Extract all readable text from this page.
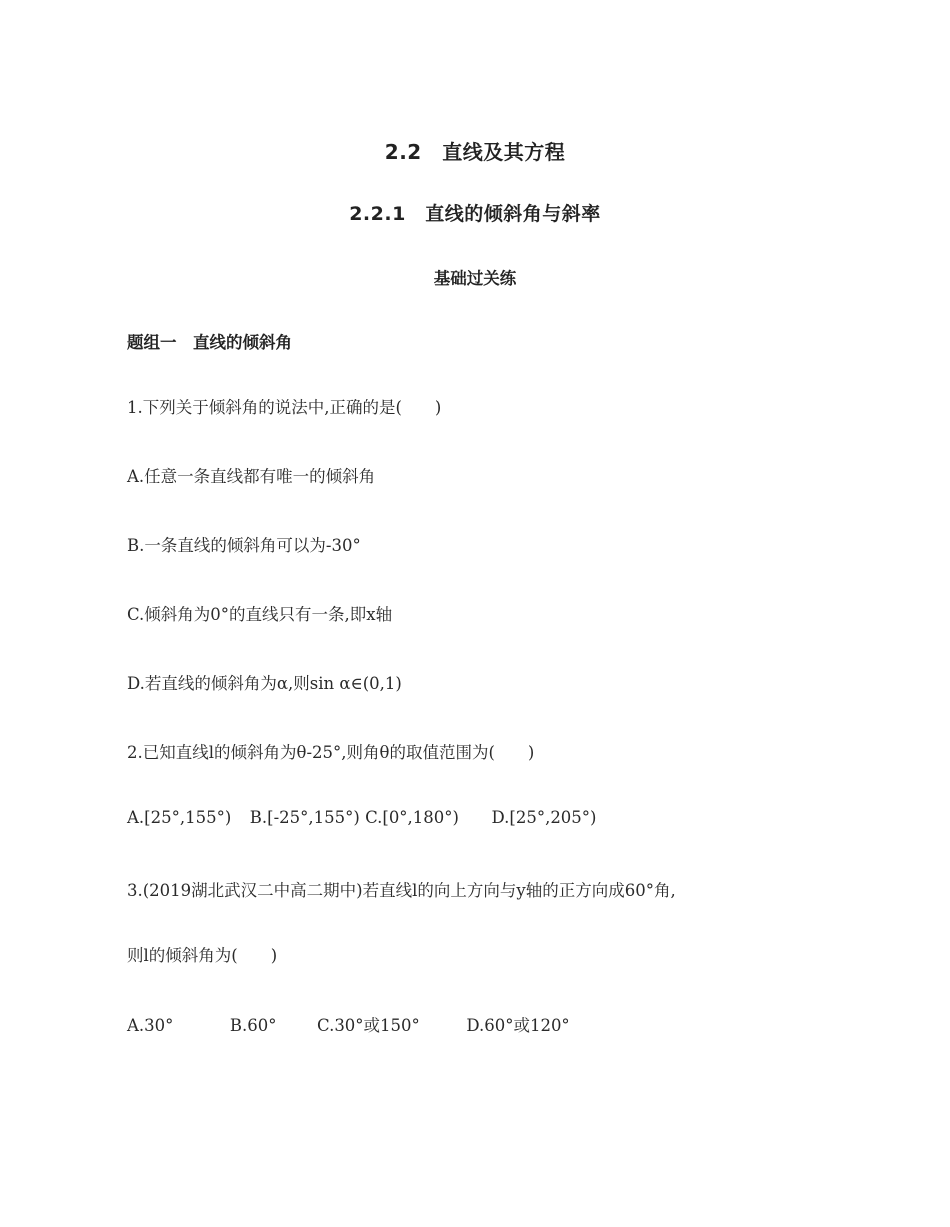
2.2　直线及其方程
2.2.1　直线的倾斜角与斜率
基础过关练
题组一　直线的倾斜角
1.下列关于倾斜角的说法中,正确的是(　　)
A.任意一条直线都有唯一的倾斜角
B.一条直线的倾斜角可以为-30°
C.倾斜角为0°的直线只有一条,即x轴
D.若直线的倾斜角为α,则sin α∈(0,1)
2.已知直线l的倾斜角为θ-25°,则角θ的取值范围为(　　)
A.[25°,155°) B.[-25°,155°) C.[0°,180°) D.[25°,205°)
3.(2019湖北武汉二中高二期中)若直线l的向上方向与y轴的正方向成60°角,
则l的倾斜角为(　　)
A.30°	B.60° C.30°或150°	D.60°或120°
